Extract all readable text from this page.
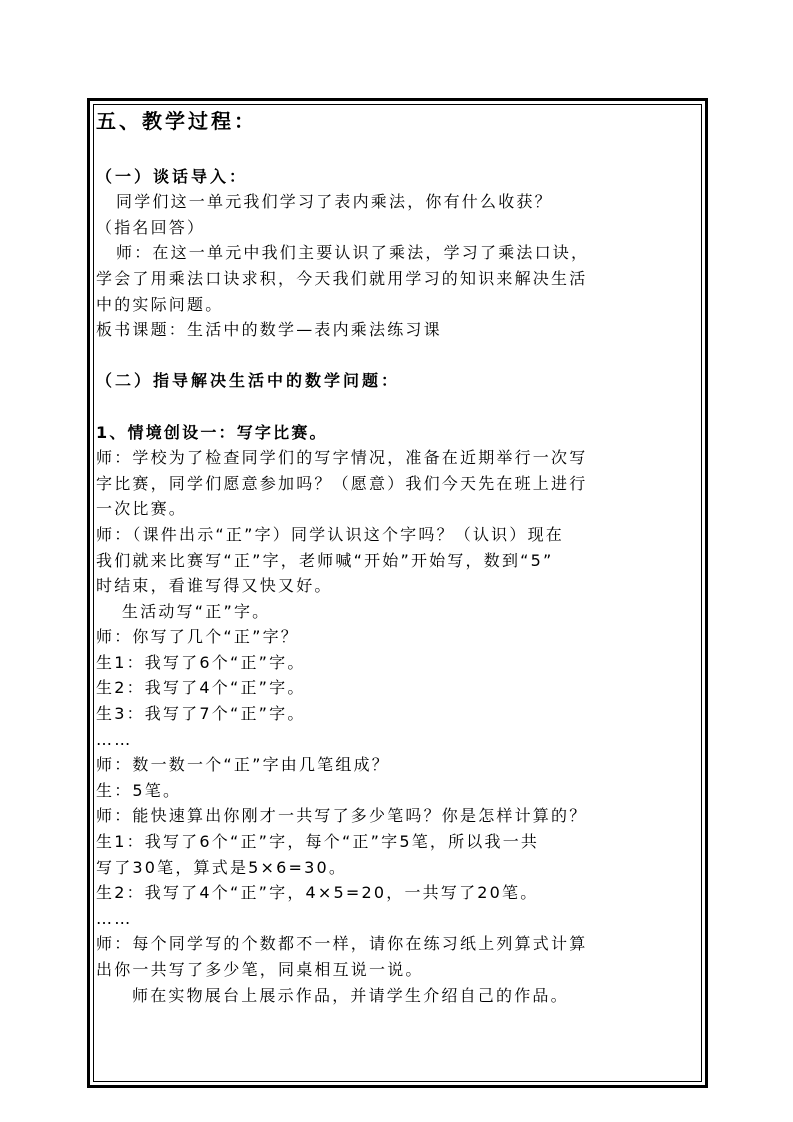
五、教学过程：
（一）谈话导入：
同学们这一单元我们学习了表内乘法，你有什么收获？
（指名回答）
师：在这一单元中我们主要认识了乘法，学习了乘法口诀，
学会了用乘法口诀求积，今天我们就用学习的知识来解决生活
中的实际问题。
板书课题：生活中的数学—表内乘法练习课
（二）指导解决生活中的数学问题：
1、情境创设一：写字比赛。
师：学校为了检查同学们的写字情况，准备在近期举行一次写
字比赛，同学们愿意参加吗？（愿意）我们今天先在班上进行
一次比赛。
师：（课件出示“正”字）同学认识这个字吗？（认识）现在
我们就来比赛写“正”字，老师喊“开始”开始写，数到“5”
时结束，看谁写得又快又好。
生活动写“正”字。
师：你写了几个“正”字？
生1：我写了6个“正”字。
生2：我写了4个“正”字。
生3：我写了7个“正”字。
……
师：数一数一个“正”字由几笔组成？
生：5笔。
师：能快速算出你刚才一共写了多少笔吗？你是怎样计算的？
生1：我写了6个“正”字，每个“正”字5笔，所以我一共
写了30笔，算式是5×6=30。
生2：我写了4个“正”字，4×5=20，一共写了20笔。
……
师：每个同学写的个数都不一样，请你在练习纸上列算式计算
出你一共写了多少笔，同桌相互说一说。
师在实物展台上展示作品，并请学生介绍自己的作品。
